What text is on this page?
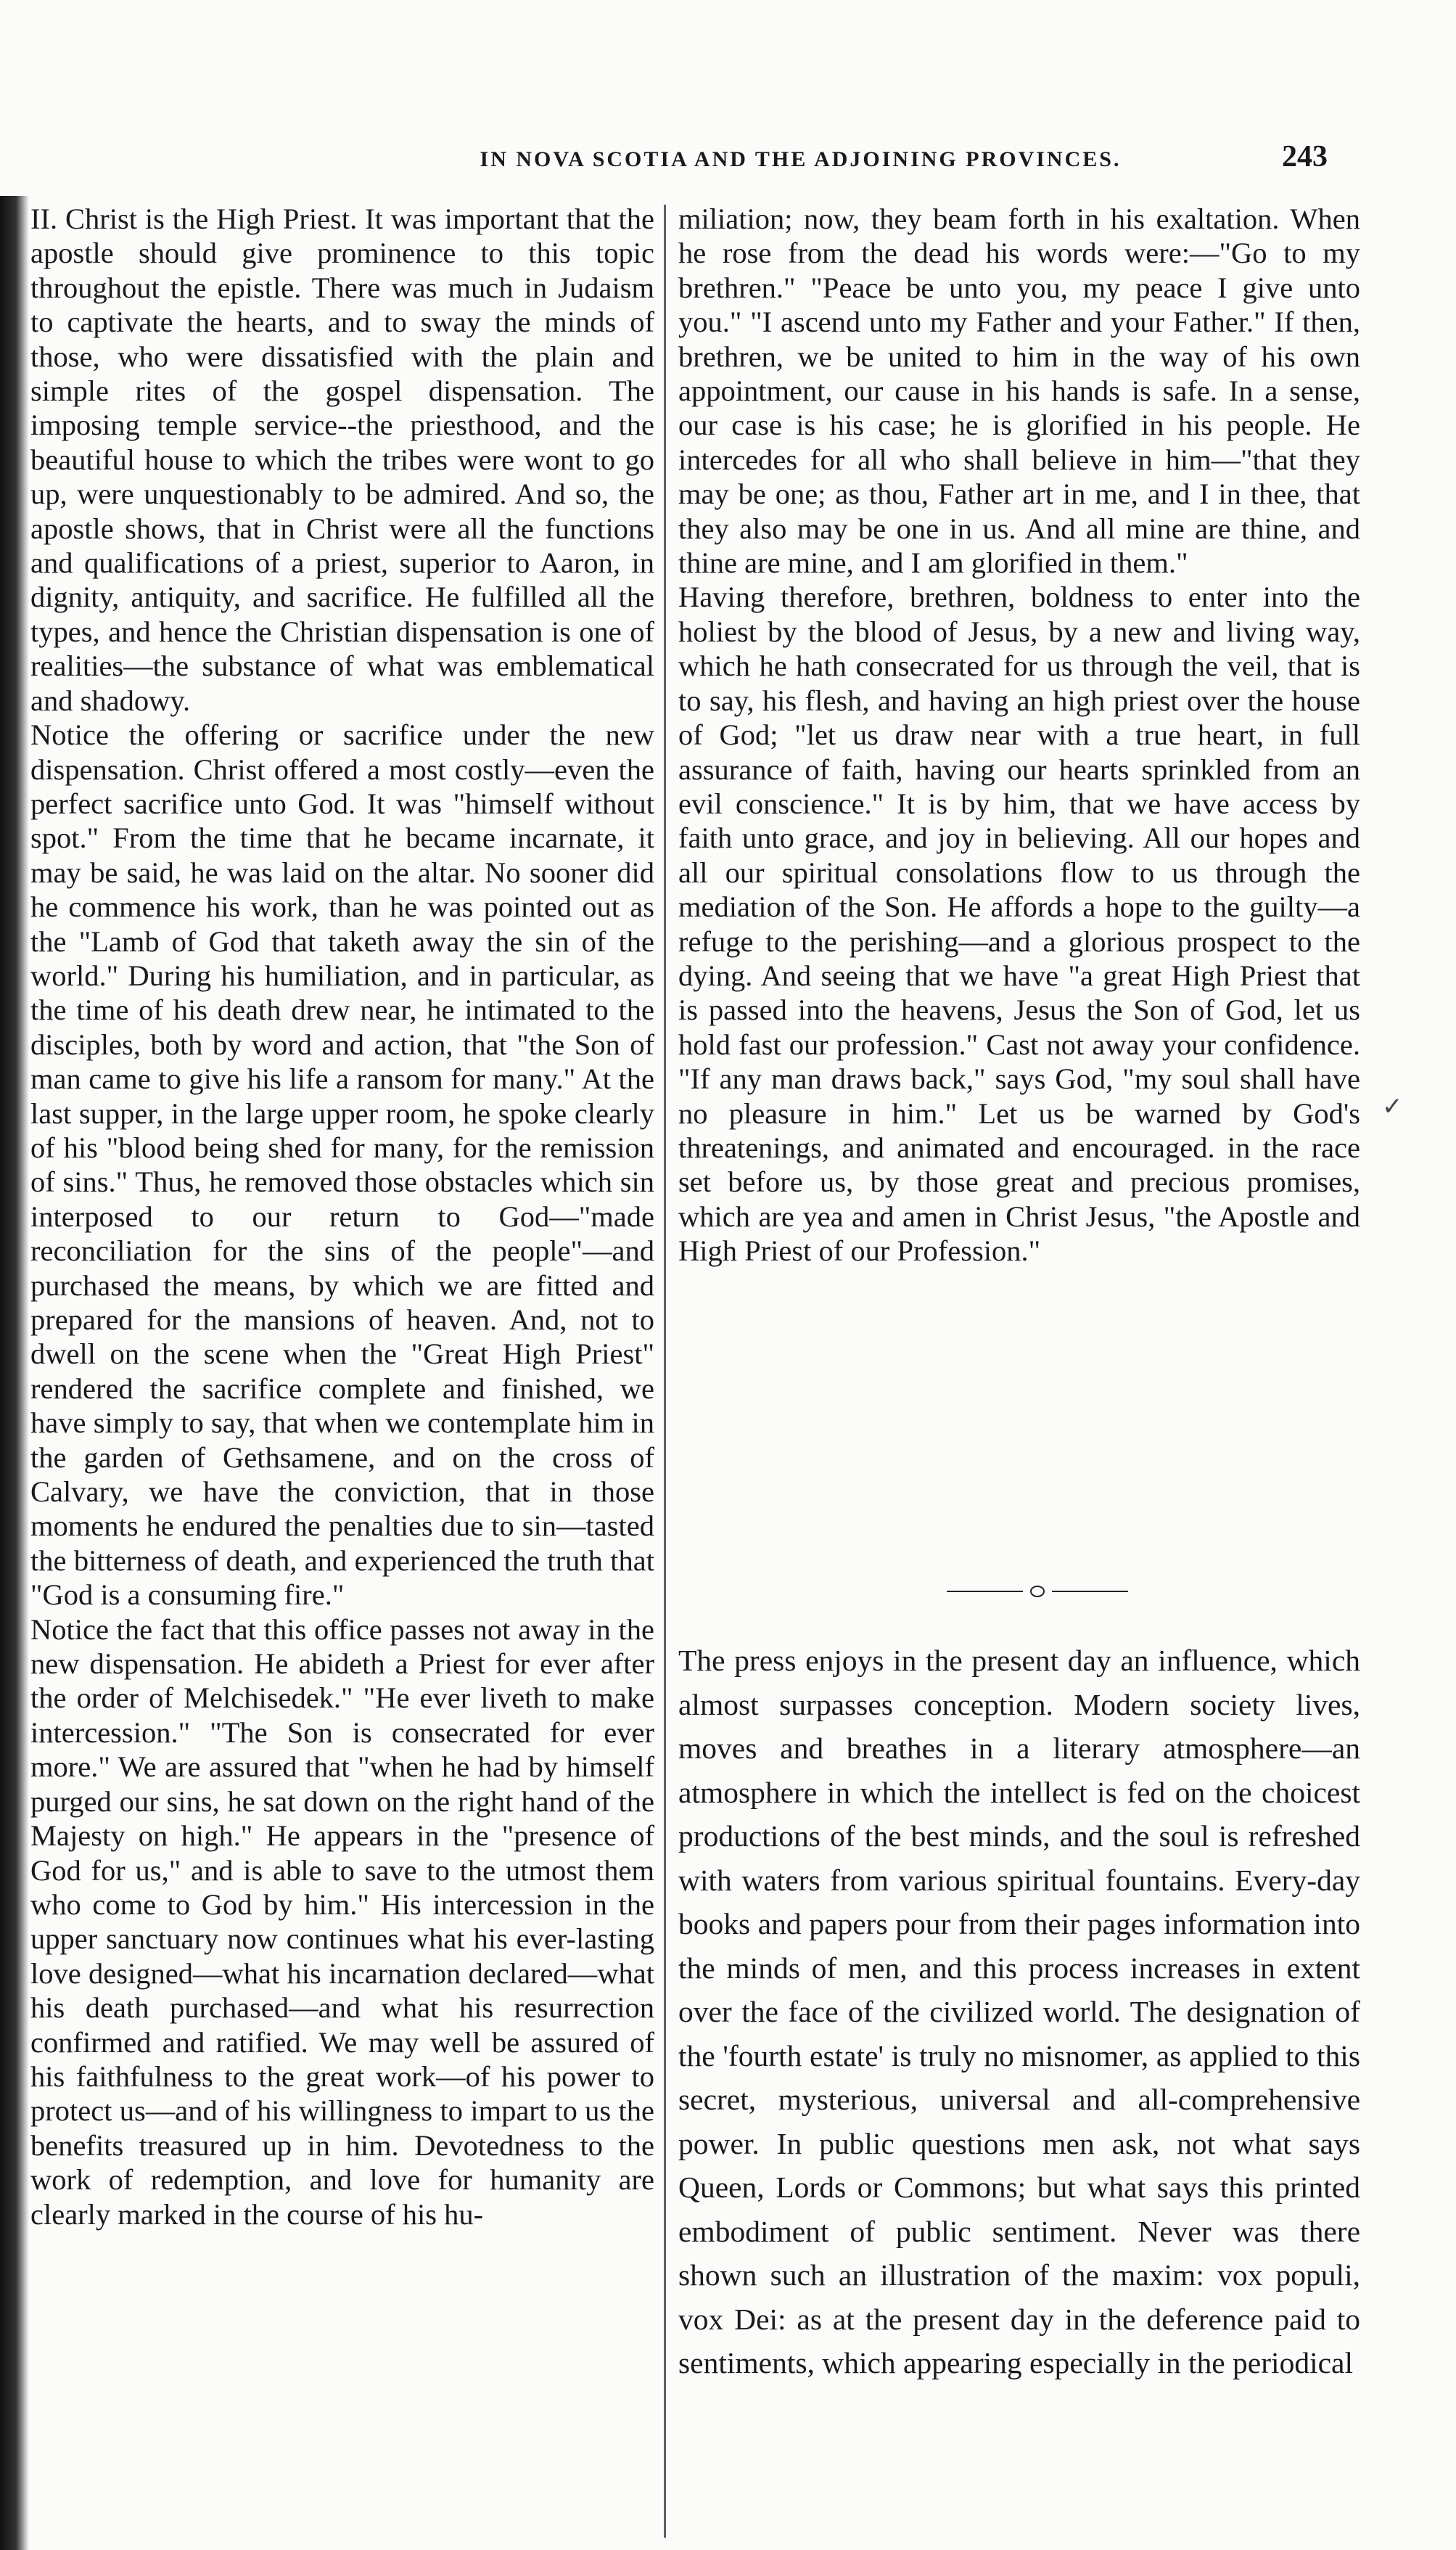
IN NOVA SCOTIA AND THE ADJOINING PROVINCES.	243

II. Christ is the High Priest. It was important that the apostle should give prominence to this topic throughout the epistle. There was much in Judaism to captivate the hearts, and to sway the minds of those, who were dissatisfied with the plain and simple rites of the gospel dispensation. The imposing temple service--the priesthood, and the beautiful house to which the tribes were wont to go up, were unquestionably to be admired. And so, the apostle shows, that in Christ were all the functions and qualifications of a priest, superior to Aaron, in dignity, antiquity, and sacrifice. He fulfilled all the types, and hence the Christian dispensation is one of realities—the substance of what was emblematical and shadowy.

Notice the offering or sacrifice under the new dispensation. Christ offered a most costly—even the perfect sacrifice unto God. It was "himself without spot." From the time that he became incarnate, it may be said, he was laid on the altar. No sooner did he commence his work, than he was pointed out as the "Lamb of God that taketh away the sin of the world." During his humiliation, and in particular, as the time of his death drew near, he intimated to the disciples, both by word and action, that "the Son of man came to give his life a ransom for many." At the last supper, in the large upper room, he spoke clearly of his "blood being shed for many, for the remission of sins." Thus, he removed those obstacles which sin interposed to our return to God—"made reconciliation for the sins of the people"—and purchased the means, by which we are fitted and prepared for the mansions of heaven. And, not to dwell on the scene when the "Great High Priest" rendered the sacrifice complete and finished, we have simply to say, that when we contemplate him in the garden of Gethsamene, and on the cross of Calvary, we have the conviction, that in those moments he endured the penalties due to sin—tasted the bitterness of death, and experienced the truth that "God is a consuming fire."

Notice the fact that this office passes not away in the new dispensation. He abideth a Priest for ever after the order of Melchisedek." "He ever liveth to make intercession." "The Son is consecrated for ever more." We are assured that "when he had by himself purged our sins, he sat down on the right hand of the Majesty on high." He appears in the "presence of God for us," and is able to save to the utmost them who come to God by him." His intercession in the upper sanctuary now continues what his ever-lasting love designed—what his incarnation declared—what his death purchased—and what his resurrection confirmed and ratified. We may well be assured of his faithfulness to the great work—of his power to protect us—and of his willingness to impart to us the benefits treasured up in him. Devotedness to the work of redemption, and love for humanity are clearly marked in the course of his hu-

miliation; now, they beam forth in his exaltation. When he rose from the dead his words were:—"Go to my brethren." "Peace be unto you, my peace I give unto you." "I ascend unto my Father and your Father." If then, brethren, we be united to him in the way of his own appointment, our cause in his hands is safe. In a sense, our case is his case; he is glorified in his people. He intercedes for all who shall believe in him—"that they may be one; as thou, Father art in me, and I in thee, that they also may be one in us. And all mine are thine, and thine are mine, and I am glorified in them."

Having therefore, brethren, boldness to enter into the holiest by the blood of Jesus, by a new and living way, which he hath consecrated for us through the veil, that is to say, his flesh, and having an high priest over the house of God; "let us draw near with a true heart, in full assurance of faith, having our hearts sprinkled from an evil conscience." It is by him, that we have access by faith unto grace, and joy in believing. All our hopes and all our spiritual consolations flow to us through the mediation of the Son. He affords a hope to the guilty—a refuge to the perishing—and a glorious prospect to the dying. And seeing that we have "a great High Priest that is passed into the heavens, Jesus the Son of God, let us hold fast our profession." Cast not away your confidence. "If any man draws back," says God, "my soul shall have no pleasure in him." Let us be warned by God's threatenings, and animated and encouraged. in the race set before us, by those great and precious promises, which are yea and amen in Christ Jesus, "the Apostle and High Priest of our Profession."

The press enjoys in the present day an influence, which almost surpasses conception. Modern society lives, moves and breathes in a literary atmosphere—an atmosphere in which the intellect is fed on the choicest productions of the best minds, and the soul is refreshed with waters from various spiritual fountains. Every-day books and papers pour from their pages information into the minds of men, and this process increases in extent over the face of the civilized world. The designation of the 'fourth estate' is truly no misnomer, as applied to this secret, mysterious, universal and all-comprehensive power. In public questions men ask, not what says Queen, Lords or Commons; but what says this printed embodiment of public sentiment. Never was there shown such an illustration of the maxim: vox populi, vox Dei: as at the present day in the deference paid to sentiments, which appearing especially in the periodical

✓
